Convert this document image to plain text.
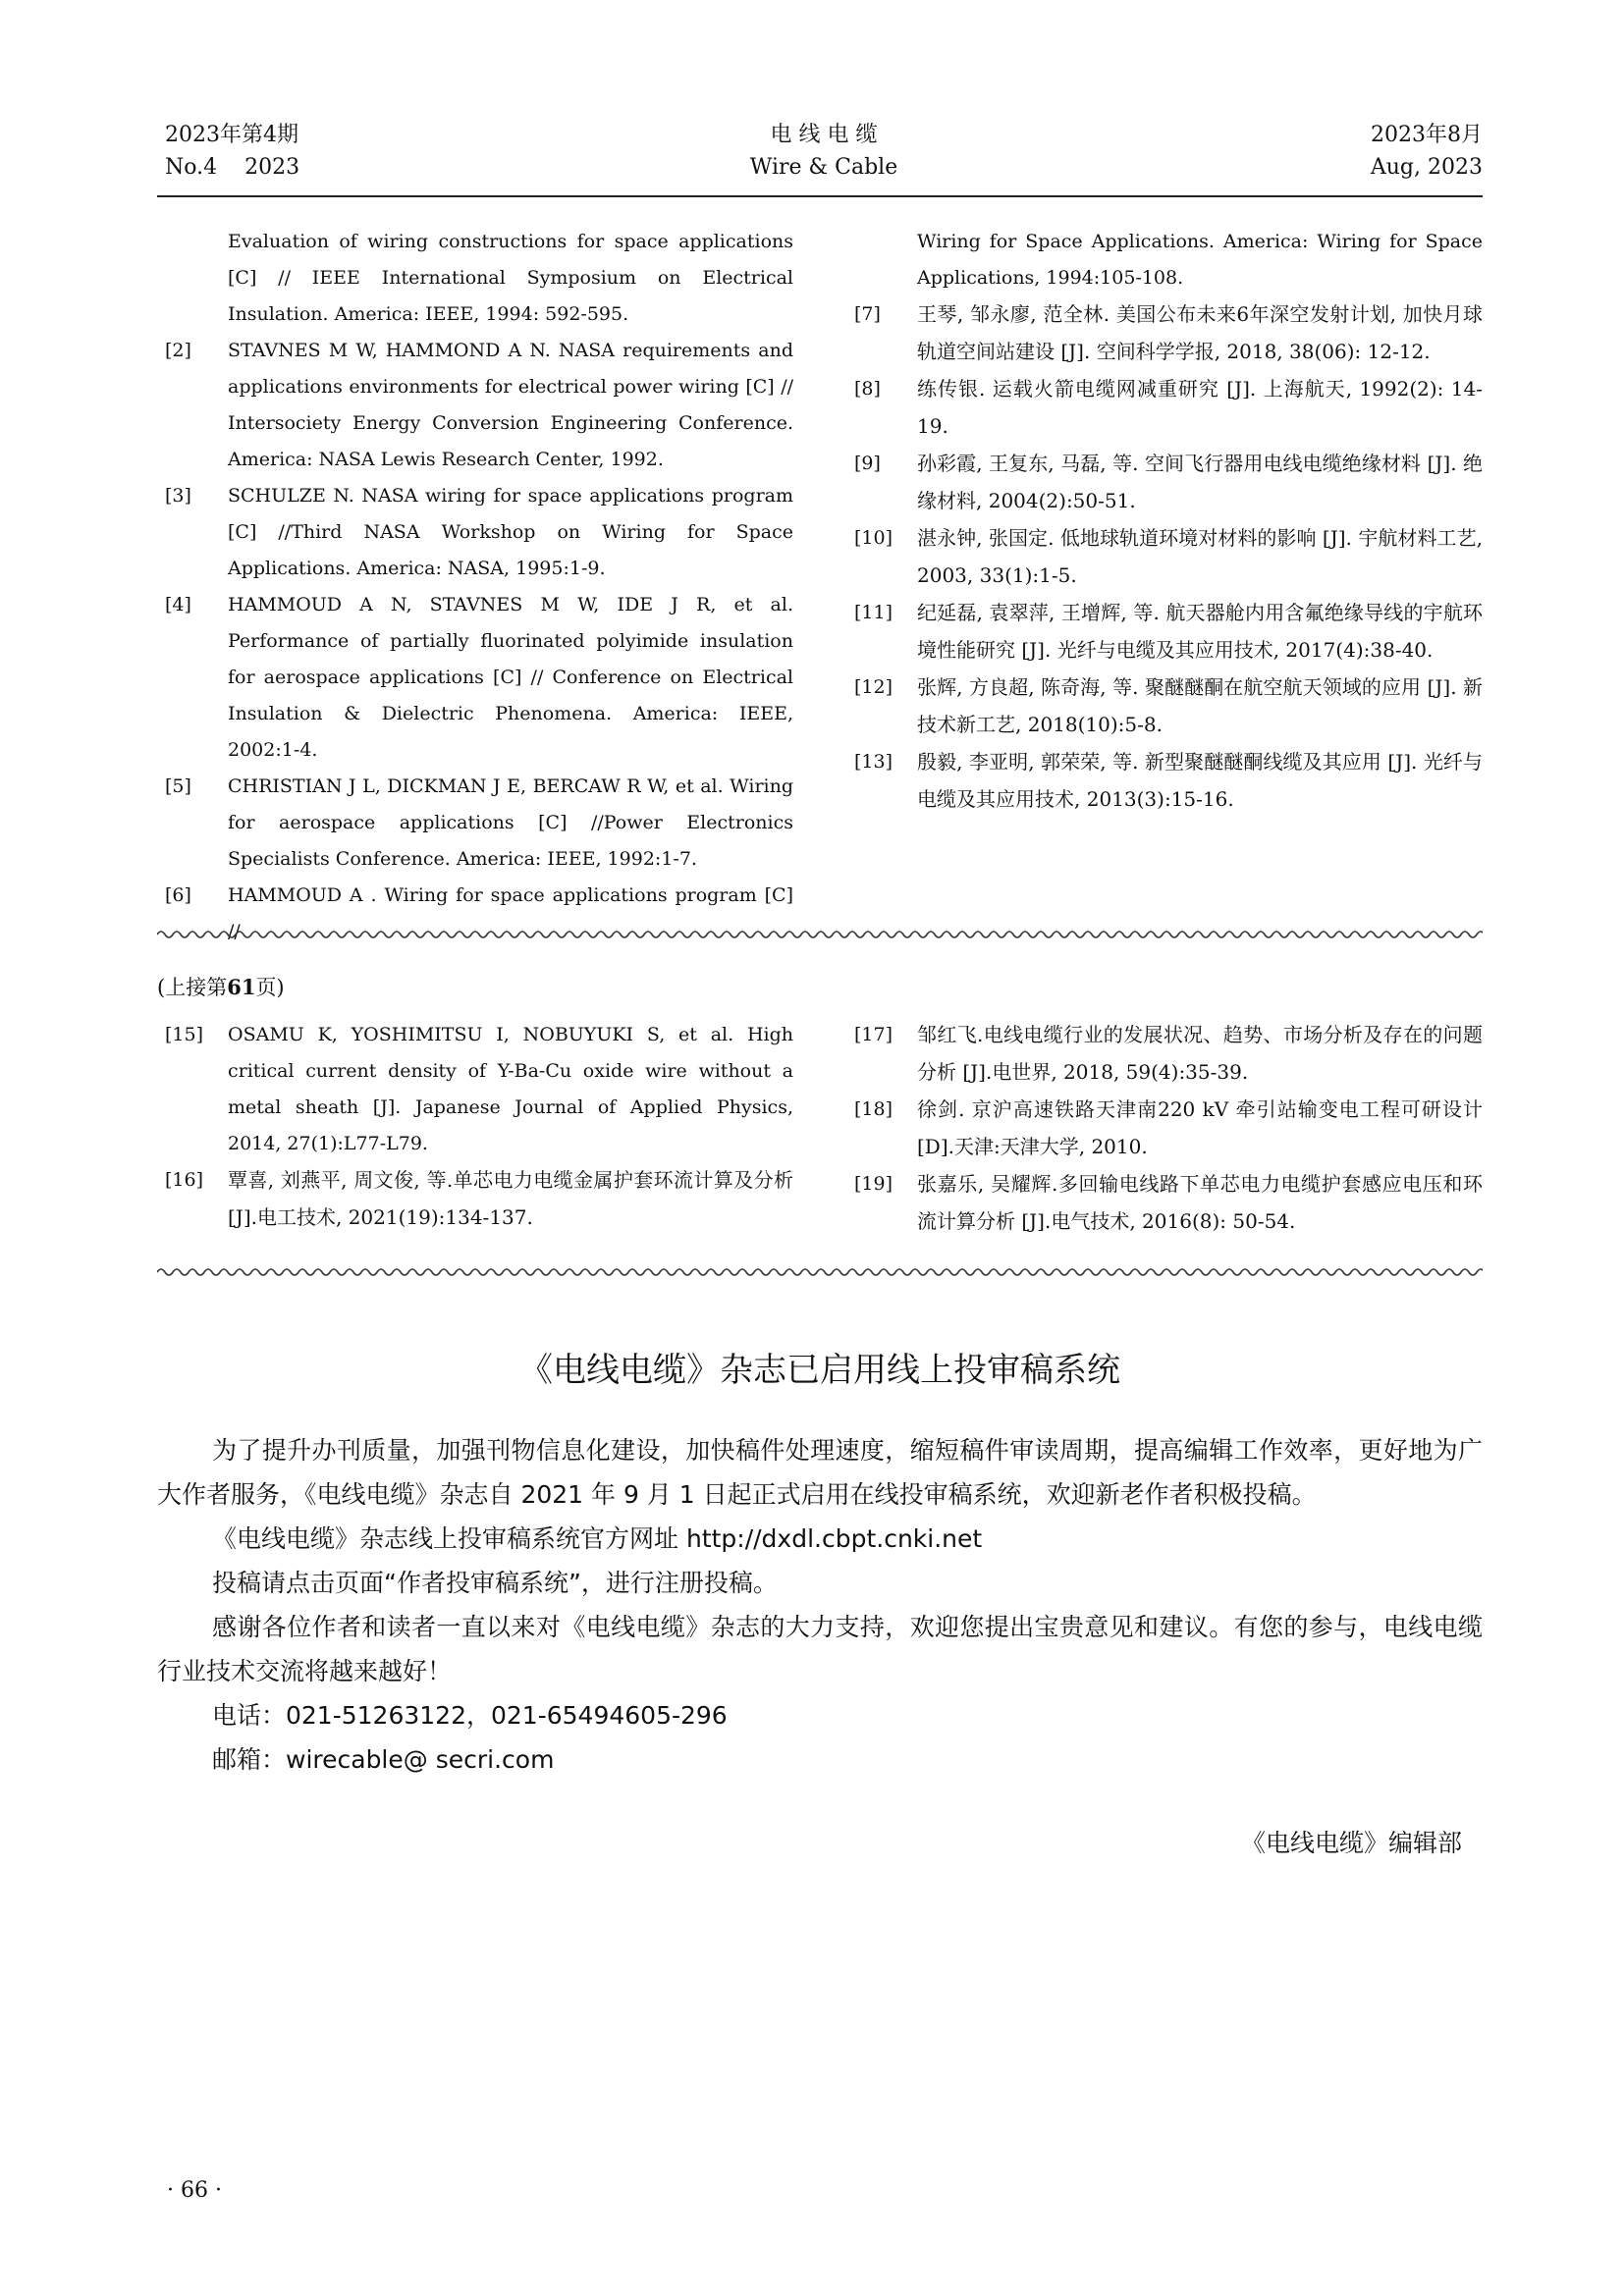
2023年第4期	电 线 电 缆	2023年8月
No.4    2023	Wire & Cable	Aug, 2023
Evaluation of wiring constructions for space applications [C] // IEEE International Symposium on Electrical Insulation. America: IEEE, 1994: 592-595.
[2] STAVNES M W, HAMMOND A N. NASA requirements and applications environments for electrical power wiring [C] // Intersociety Energy Conversion Engineering Conference. America: NASA Lewis Research Center, 1992.
[3] SCHULZE N. NASA wiring for space applications program [C] //Third NASA Workshop on Wiring for Space Applications. America: NASA, 1995:1-9.
[4] HAMMOUD A N, STAVNES M W, IDE J R, et al. Performance of partially fluorinated polyimide insulation for aerospace applications [C] // Conference on Electrical Insulation & Dielectric Phenomena. America: IEEE, 2002:1-4.
[5] CHRISTIAN J L, DICKMAN J E, BERCAW R W, et al. Wiring for aerospace applications [C] //Power Electronics Specialists Conference. America: IEEE, 1992:1-7.
[6] HAMMOUD A . Wiring for space applications program [C] //
Wiring for Space Applications. America: Wiring for Space Applications, 1994:105-108.
[7] 王琴, 邹永廖, 范全林. 美国公布未来6年深空发射计划, 加快月球轨道空间站建设 [J]. 空间科学学报, 2018, 38(06): 12-12.
[8] 练传银. 运载火箭电缆网减重研究 [J]. 上海航天, 1992(2): 14-19.
[9] 孙彩霞, 王复东, 马磊, 等. 空间飞行器用电线电缆绝缘材料 [J]. 绝缘材料, 2004(2):50-51.
[10] 湛永钟, 张国定. 低地球轨道环境对材料的影响 [J]. 宇航材料工艺, 2003, 33(1):1-5.
[11] 纪延磊, 袁翠萍, 王增辉, 等. 航天器舱内用含氟绝缘导线的宇航环境性能研究 [J]. 光纤与电缆及其应用技术, 2017(4):38-40.
[12] 张辉, 方良超, 陈奇海, 等. 聚醚醚酮在航空航天领域的应用 [J]. 新技术新工艺, 2018(10):5-8.
[13] 殷毅, 李亚明, 郭荣荣, 等. 新型聚醚醚酮线缆及其应用 [J]. 光纤与电缆及其应用技术, 2013(3):15-16.
(上接第61页)
[15] OSAMU K, YOSHIMITSU I, NOBUYUKI S, et al. High critical current density of Y-Ba-Cu oxide wire without a metal sheath [J]. Japanese Journal of Applied Physics, 2014, 27(1):L77-L79.
[16] 覃喜, 刘燕平, 周文俊, 等.单芯电力电缆金属护套环流计算及分析 [J].电工技术, 2021(19):134-137.
[17] 邹红飞.电线电缆行业的发展状况、趋势、市场分析及存在的问题分析 [J].电世界, 2018, 59(4):35-39.
[18] 徐剑. 京沪高速铁路天津南220 kV 牵引站输变电工程可研设计 [D].天津:天津大学, 2010.
[19] 张嘉乐, 吴耀辉.多回输电线路下单芯电力电缆护套感应电压和环流计算分析 [J].电气技术, 2016(8): 50-54.
《电线电缆》杂志已启用线上投审稿系统

为了提升办刊质量，加强刊物信息化建设，加快稿件处理速度，缩短稿件审读周期，提高编辑工作效率，更好地为广大作者服务，《电线电缆》杂志自 2021 年 9 月 1 日起正式启用在线投审稿系统，欢迎新老作者积极投稿。

《电线电缆》杂志线上投审稿系统官方网址 http://dxdl.cbpt.cnki.net

投稿请点击页面“作者投审稿系统”，进行注册投稿。

感谢各位作者和读者一直以来对《电线电缆》杂志的大力支持，欢迎您提出宝贵意见和建议。有您的参与，电线电缆行业技术交流将越来越好！

电话：021-51263122，021-65494605-296

邮箱：wirecable@ secri.com

《电线电缆》编辑部
· 66 ·
